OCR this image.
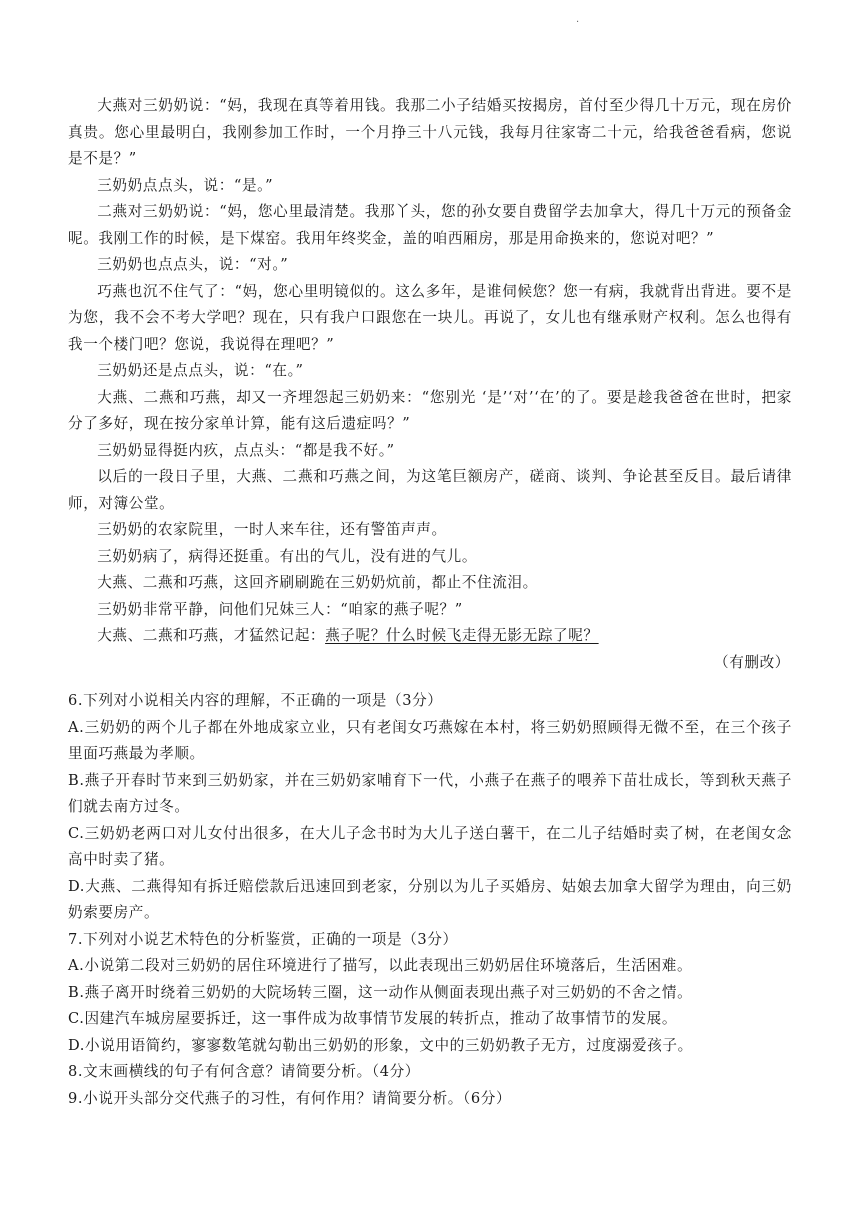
.

大燕对三奶奶说：“妈，我现在真等着用钱。我那二小子结婚买按揭房，首付至少得几十万元，现在房价真贵。您心里最明白，我刚参加工作时，一个月挣三十八元钱，我每月往家寄二十元，给我爸爸看病，您说是不是？”

三奶奶点点头，说：“是。”

二燕对三奶奶说：“妈，您心里最清楚。我那丫头，您的孙女要自费留学去加拿大，得几十万元的预备金呢。我刚工作的时候，是下煤窑。我用年终奖金，盖的咱西厢房，那是用命换来的，您说对吧？”

三奶奶也点点头，说：“对。”

巧燕也沉不住气了：“妈，您心里明镜似的。这么多年，是谁伺候您？您一有病，我就背出背进。要不是为您，我不会不考大学吧？现在，只有我户口跟您在一块儿。再说了，女儿也有继承财产权利。怎么也得有我一个楼门吧？您说，我说得在理吧？”

三奶奶还是点点头，说：“在。”

大燕、二燕和巧燕，却又一齐埋怨起三奶奶来：“您别光 ‘是’‘对’‘在’的了。要是趁我爸爸在世时，把家分了多好，现在按分家单计算，能有这后遗症吗？”

三奶奶显得挺内疚，点点头：“都是我不好。”

以后的一段日子里，大燕、二燕和巧燕之间，为这笔巨额房产，磋商、谈判、争论甚至反目。最后请律师，对簿公堂。

三奶奶的农家院里，一时人来车往，还有警笛声声。

三奶奶病了，病得还挺重。有出的气儿，没有进的气儿。

大燕、二燕和巧燕，这回齐刷刷跪在三奶奶炕前，都止不住流泪。

三奶奶非常平静，问他们兄妹三人：“咱家的燕子呢？”

大燕、二燕和巧燕，才猛然记起：燕子呢？什么时候飞走得无影无踪了呢？

（有删改）

6.下列对小说相关内容的理解，不正确的一项是（3分）

A.三奶奶的两个儿子都在外地成家立业，只有老闺女巧燕嫁在本村，将三奶奶照顾得无微不至，在三个孩子里面巧燕最为孝顺。

B.燕子开春时节来到三奶奶家，并在三奶奶家哺育下一代，小燕子在燕子的喂养下苗壮成长，等到秋天燕子们就去南方过冬。

C.三奶奶老两口对儿女付出很多，在大儿子念书时为大儿子送白薯干，在二儿子结婚时卖了树，在老闺女念高中时卖了猪。

D.大燕、二燕得知有拆迁赔偿款后迅速回到老家，分别以为儿子买婚房、姑娘去加拿大留学为理由，向三奶奶索要房产。

7.下列对小说艺术特色的分析鉴赏，正确的一项是（3分）

A.小说第二段对三奶奶的居住环境进行了描写，以此表现出三奶奶居住环境落后，生活困难。

B.燕子离开时绕着三奶奶的大院场转三圈，这一动作从侧面表现出燕子对三奶奶的不舍之情。

C.因建汽车城房屋要拆迁，这一事件成为故事情节发展的转折点，推动了故事情节的发展。

D.小说用语简约，寥寥数笔就勾勒出三奶奶的形象，文中的三奶奶教子无方，过度溺爱孩子。

8.文末画横线的句子有何含意？请简要分析。（4分）

9.小说开头部分交代燕子的习性，有何作用？请简要分析。（6分）
